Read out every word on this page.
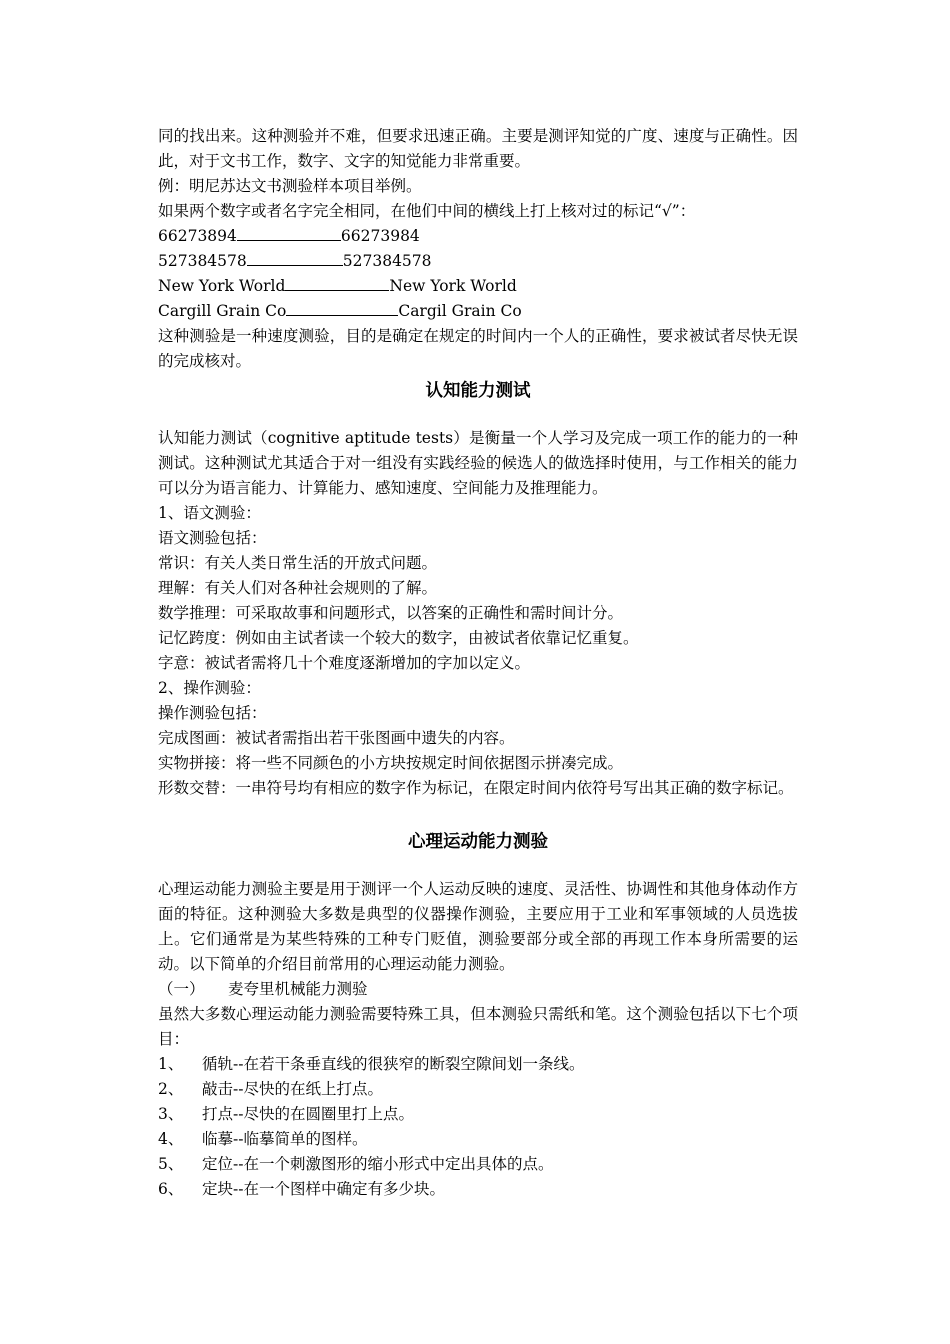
同的找出来。这种测验并不难，但要求迅速正确。主要是测评知觉的广度、速度与正确性。因此，对于文书工作，数字、文字的知觉能力非常重要。

例：明尼苏达文书测验样本项目举例。

如果两个数字或者名字完全相同，在他们中间的横线上打上核对过的标记“√”：

66273894	66273984

527384578	527384578

New York World	New York World

Cargill Grain Co	Cargil Grain Co

这种测验是一种速度测验，目的是确定在规定的时间内一个人的正确性，要求被试者尽快无误的完成核对。

认知能力测试

认知能力测试（cognitive aptitude tests）是衡量一个人学习及完成一项工作的能力的一种测试。这种测试尤其适合于对一组没有实践经验的候选人的做选择时使用，与工作相关的能力可以分为语言能力、计算能力、感知速度、空间能力及推理能力。

1、语文测验：

语文测验包括：

常识：有关人类日常生活的开放式问题。

理解：有关人们对各种社会规则的了解。

数学推理：可采取故事和问题形式，以答案的正确性和需时间计分。

记忆跨度：例如由主试者读一个较大的数字，由被试者依靠记忆重复。

字意：被试者需将几十个难度逐渐增加的字加以定义。

2、操作测验：

操作测验包括：

完成图画：被试者需指出若干张图画中遗失的内容。

实物拼接：将一些不同颜色的小方块按规定时间依据图示拼凑完成。

形数交替：一串符号均有相应的数字作为标记，在限定时间内依符号写出其正确的数字标记。

心理运动能力测验

心理运动能力测验主要是用于测评一个人运动反映的速度、灵活性、协调性和其他身体动作方面的特征。这种测验大多数是典型的仪器操作测验，主要应用于工业和军事领域的人员选拔上。它们通常是为某些特殊的工种专门贬值，测验要部分或全部的再现工作本身所需要的运动。以下简单的介绍目前常用的心理运动能力测验。

（一） 麦夸里机械能力测验

虽然大多数心理运动能力测验需要特殊工具，但本测验只需纸和笔。这个测验包括以下七个项目：

1、	循轨--在若干条垂直线的很狭窄的断裂空隙间划一条线。

2、	敲击--尽快的在纸上打点。

3、	打点--尽快的在圆圈里打上点。

4、	临摹--临摹简单的图样。

5、	定位--在一个刺激图形的缩小形式中定出具体的点。

6、	定块--在一个图样中确定有多少块。
